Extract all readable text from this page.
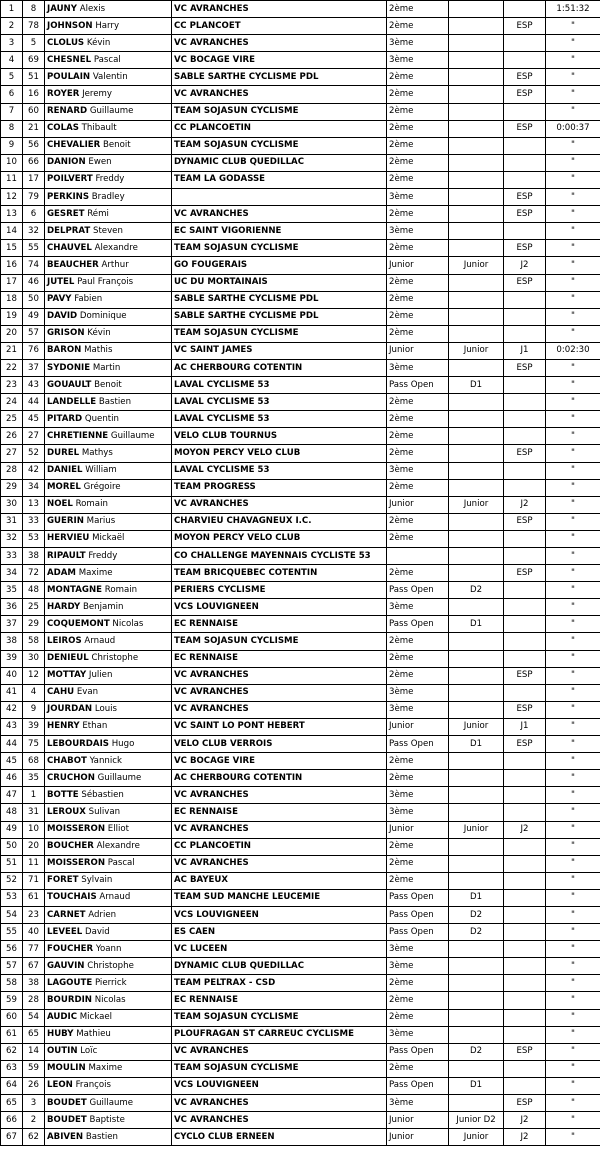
1	8	JAUNY Alexis	VC AVRANCHES	2ème			1:51:32
2	78	JOHNSON Harry	CC PLANCOET	2ème		ESP	"
3	5	CLOLUS Kévin	VC AVRANCHES	3ème			"
4	69	CHESNEL Pascal	VC BOCAGE VIRE	3ème			"
5	51	POULAIN Valentin	SABLE SARTHE CYCLISME PDL	2ème		ESP	"
6	16	ROYER Jeremy	VC AVRANCHES	2ème		ESP	"
7	60	RENARD Guillaume	TEAM SOJASUN CYCLISME	2ème			"
8	21	COLAS Thibault	CC PLANCOETIN	2ème		ESP	0:00:37
9	56	CHEVALIER Benoit	TEAM SOJASUN CYCLISME	2ème			"
10	66	DANION Ewen	DYNAMIC CLUB QUEDILLAC	2ème			"
11	17	POILVERT Freddy	TEAM LA GODASSE	2ème			"
12	79	PERKINS Bradley		3ème		ESP	"
13	6	GESRET Rémi	VC AVRANCHES	2ème		ESP	"
14	32	DELPRAT Steven	EC SAINT VIGORIENNE	3ème			"
15	55	CHAUVEL Alexandre	TEAM SOJASUN CYCLISME	2ème		ESP	"
16	74	BEAUCHER Arthur	GO FOUGERAIS	Junior	Junior	J2	"
17	46	JUTEL Paul François	UC DU MORTAINAIS	2ème		ESP	"
18	50	PAVY Fabien	SABLE SARTHE CYCLISME PDL	2ème			"
19	49	DAVID Dominique	SABLE SARTHE CYCLISME PDL	2ème			"
20	57	GRISON Kévin	TEAM SOJASUN CYCLISME	2ème			"
21	76	BARON Mathis	VC SAINT JAMES	Junior	Junior	J1	0:02:30
22	37	SYDONIE Martin	AC CHERBOURG COTENTIN	3ème		ESP	"
23	43	GOUAULT Benoit	LAVAL CYCLISME 53	Pass Open	D1		"
24	44	LANDELLE Bastien	LAVAL CYCLISME 53	2ème			"
25	45	PITARD Quentin	LAVAL CYCLISME 53	2ème			"
26	27	CHRETIENNE Guillaume	VELO CLUB TOURNUS	2ème			"
27	52	DUREL Mathys	MOYON PERCY VELO CLUB	2ème		ESP	"
28	42	DANIEL William	LAVAL CYCLISME 53	3ème			"
29	34	MOREL Grégoire	TEAM PROGRESS	2ème			"
30	13	NOEL Romain	VC AVRANCHES	Junior	Junior	J2	"
31	33	GUERIN Marius	CHARVIEU CHAVAGNEUX I.C.	2ème		ESP	"
32	53	HERVIEU Mickaël	MOYON PERCY VELO CLUB	2ème			"
33	38	RIPAULT Freddy	CO CHALLENGE MAYENNAIS CYCLISTE 53				"
34	72	ADAM Maxime	TEAM BRICQUEBEC COTENTIN	2ème		ESP	"
35	48	MONTAGNE Romain	PERIERS CYCLISME	Pass Open	D2		"
36	25	HARDY Benjamin	VCS LOUVIGNEEN	3ème			"
37	29	COQUEMONT Nicolas	EC RENNAISE	Pass Open	D1		"
38	58	LEIROS Arnaud	TEAM SOJASUN CYCLISME	2ème			"
39	30	DENIEUL Christophe	EC RENNAISE	2ème			"
40	12	MOTTAY Julien	VC AVRANCHES	2ème		ESP	"
41	4	CAHU Evan	VC AVRANCHES	3ème			"
42	9	JOURDAN Louis	VC AVRANCHES	3ème		ESP	"
43	39	HENRY Ethan	VC SAINT LO PONT HEBERT	Junior	Junior	J1	"
44	75	LEBOURDAIS Hugo	VELO CLUB VERROIS	Pass Open	D1	ESP	"
45	68	CHABOT Yannick	VC BOCAGE VIRE	2ème			"
46	35	CRUCHON Guillaume	AC CHERBOURG COTENTIN	2ème			"
47	1	BOTTE Sébastien	VC AVRANCHES	3ème			"
48	31	LEROUX Sulivan	EC RENNAISE	3ème			"
49	10	MOISSERON Elliot	VC AVRANCHES	Junior	Junior	J2	"
50	20	BOUCHER Alexandre	CC PLANCOETIN	2ème			"
51	11	MOISSERON Pascal	VC AVRANCHES	2ème			"
52	71	FORET Sylvain	AC BAYEUX	2ème			"
53	61	TOUCHAIS Arnaud	TEAM SUD MANCHE LEUCEMIE	Pass Open	D1		"
54	23	CARNET Adrien	VCS LOUVIGNEEN	Pass Open	D2		"
55	40	LEVEEL David	ES CAEN	Pass Open	D2		"
56	77	FOUCHER Yoann	VC LUCEEN	3ème			"
57	67	GAUVIN Christophe	DYNAMIC CLUB QUEDILLAC	3ème			"
58	38	LAGOUTE Pierrick	TEAM PELTRAX - CSD	2ème			"
59	28	BOURDIN Nicolas	EC RENNAISE	2ème			"
60	54	AUDIC Mickael	TEAM SOJASUN CYCLISME	2ème			"
61	65	HUBY Mathieu	PLOUFRAGAN ST CARREUC CYCLISME	3ème			"
62	14	OUTIN Loïc	VC AVRANCHES	Pass Open	D2	ESP	"
63	59	MOULIN Maxime	TEAM SOJASUN CYCLISME	2ème			"
64	26	LEON François	VCS LOUVIGNEEN	Pass Open	D1		"
65	3	BOUDET Guillaume	VC AVRANCHES	3ème		ESP	"
66	2	BOUDET Baptiste	VC AVRANCHES	Junior	Junior D2	J2	"
67	62	ABIVEN Bastien	CYCLO CLUB ERNEEN	Junior	Junior	J2	"
